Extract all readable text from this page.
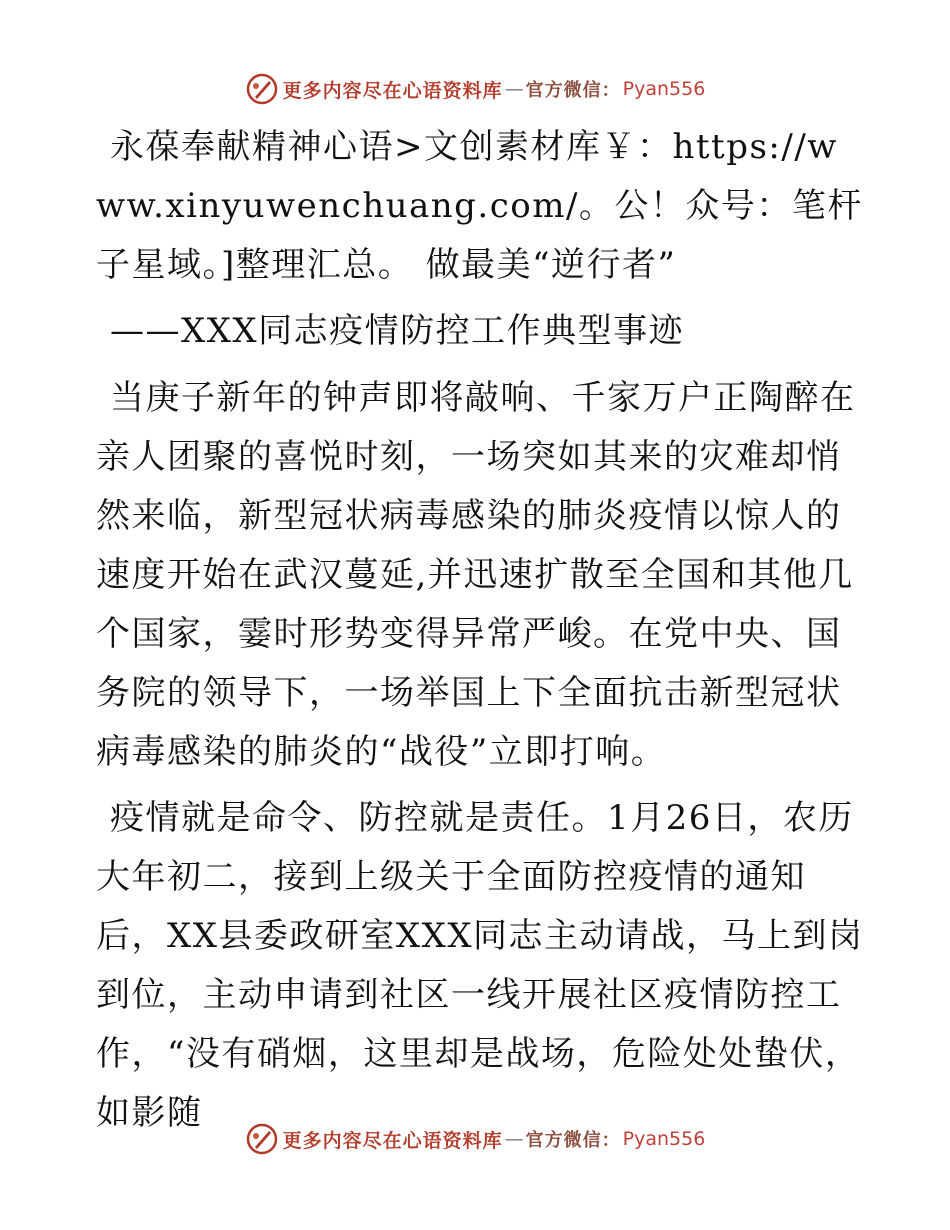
更多内容尽在心语资料库 — 官方微信： Pyan556

永葆奉献精神心语>文创素材库￥：https://www.xinyuwenchuang.com/。公！众号：笔杆子星域。]整理汇总。 做最美“逆行者”

——XXX同志疫情防控工作典型事迹

当庚子新年的钟声即将敲响、千家万户正陶醉在亲人团聚的喜悦时刻，一场突如其来的灾难却悄然来临，新型冠状病毒感染的肺炎疫情以惊人的速度开始在武汉蔓延,并迅速扩散至全国和其他几个国家，霎时形势变得异常严峻。在党中央、国务院的领导下，一场举国上下全面抗击新型冠状病毒感染的肺炎的“战役”立即打响。

疫情就是命令、防控就是责任。1月26日，农历大年初二，接到上级关于全面防控疫情的通知后，XX县委政研室XXX同志主动请战，马上到岗到位，主动申请到社区一线开展社区疫情防控工作，“没有硝烟，这里却是战场，危险处处蛰伏，如影随

更多内容尽在心语资料库 — 官方微信： Pyan556
